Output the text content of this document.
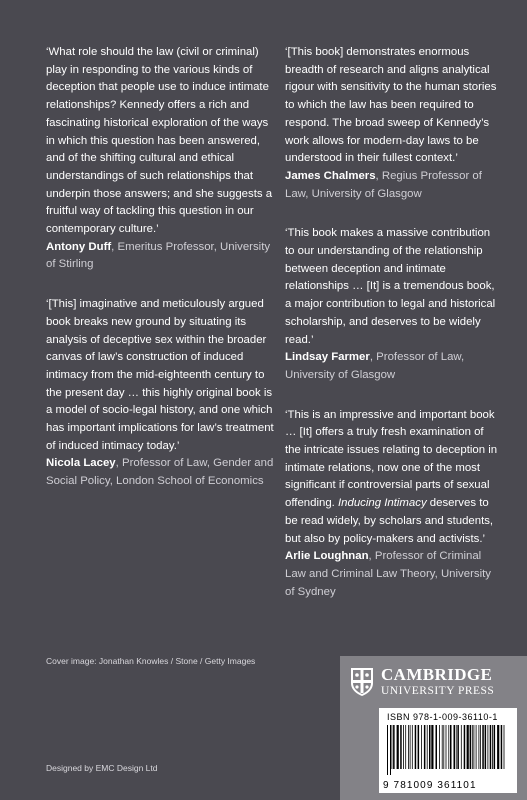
‘What role should the law (civil or criminal) play in responding to the various kinds of deception that people use to induce intimate relationships? Kennedy offers a rich and fascinating historical exploration of the ways in which this question has been answered, and of the shifting cultural and ethical understandings of such relationships that underpin those answers; and she suggests a fruitful way of tackling this question in our contemporary culture.’

Antony Duff, Emeritus Professor, University of Stirling

‘[This] imaginative and meticulously argued book breaks new ground by situating its analysis of deceptive sex within the broader canvas of law’s construction of induced intimacy from the mid-eighteenth century to the present day … this highly original book is a model of socio-legal history, and one which has important implications for law’s treatment of induced intimacy today.’

Nicola Lacey, Professor of Law, Gender and Social Policy, London School of Economics

‘[This book] demonstrates enormous breadth of research and aligns analytical rigour with sensitivity to the human stories to which the law has been required to respond. The broad sweep of Kennedy’s work allows for modern-day laws to be understood in their fullest context.’

James Chalmers, Regius Professor of Law, University of Glasgow

‘This book makes a massive contribution to our understanding of the relationship between deception and intimate relationships … [It] is a tremendous book, a major contribution to legal and historical scholarship, and deserves to be widely read.’

Lindsay Farmer, Professor of Law, University of Glasgow

‘This is an impressive and important book … [It] offers a truly fresh examination of the intricate issues relating to deception in intimate relations, now one of the most significant if controversial parts of sexual offending. Inducing Intimacy deserves to be read widely, by scholars and students, but also by policy-makers and activists.’

Arlie Loughnan, Professor of Criminal Law and Criminal Law Theory, University of Sydney

Cover image: Jonathan Knowles / Stone / Getty Images
Designed by EMC Design Ltd
CAMBRIDGE
UNIVERSITY PRESS
ISBN 978-1-009-36110-1
9 781009 361101
